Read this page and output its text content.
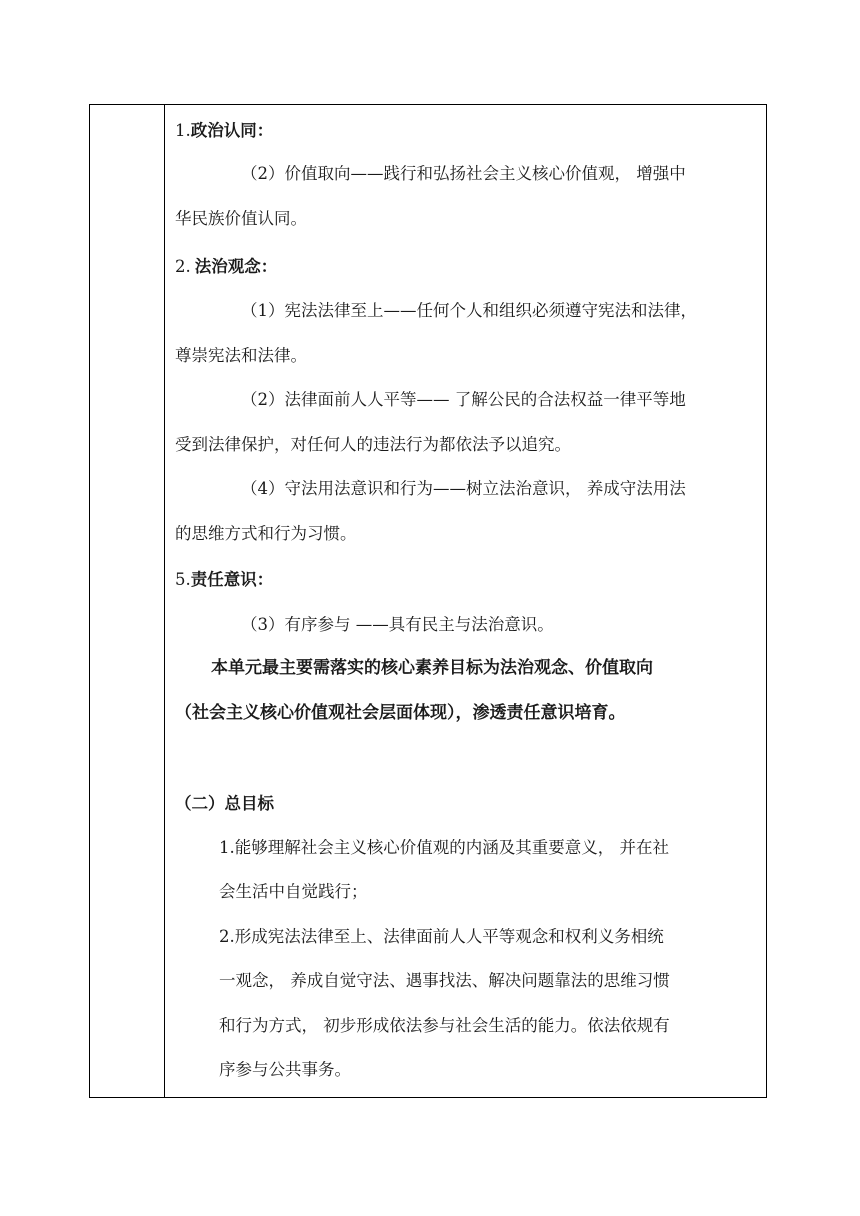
1.政治认同：
（2）价值取向——践行和弘扬社会主义核心价值观， 增强中
华民族价值认同。
2. 法治观念：
（1）宪法法律至上——任何个人和组织必须遵守宪法和法律，
尊崇宪法和法律。
（2）法律面前人人平等—— 了解公民的合法权益一律平等地
受到法律保护，对任何人的违法行为都依法予以追究。
（4）守法用法意识和行为——树立法治意识， 养成守法用法
的思维方式和行为习惯。
5.责任意识：
（3）有序参与 ——具有民主与法治意识。
本单元最主要需落实的核心素养目标为法治观念、价值取向
（社会主义核心价值观社会层面体现），渗透责任意识培育。
（二）总目标
1.能够理解社会主义核心价值观的内涵及其重要意义， 并在社
会生活中自觉践行；
2.形成宪法法律至上、法律面前人人平等观念和权利义务相统
一观念， 养成自觉守法、遇事找法、解决问题靠法的思维习惯
和行为方式， 初步形成依法参与社会生活的能力。依法依规有
序参与公共事务。
